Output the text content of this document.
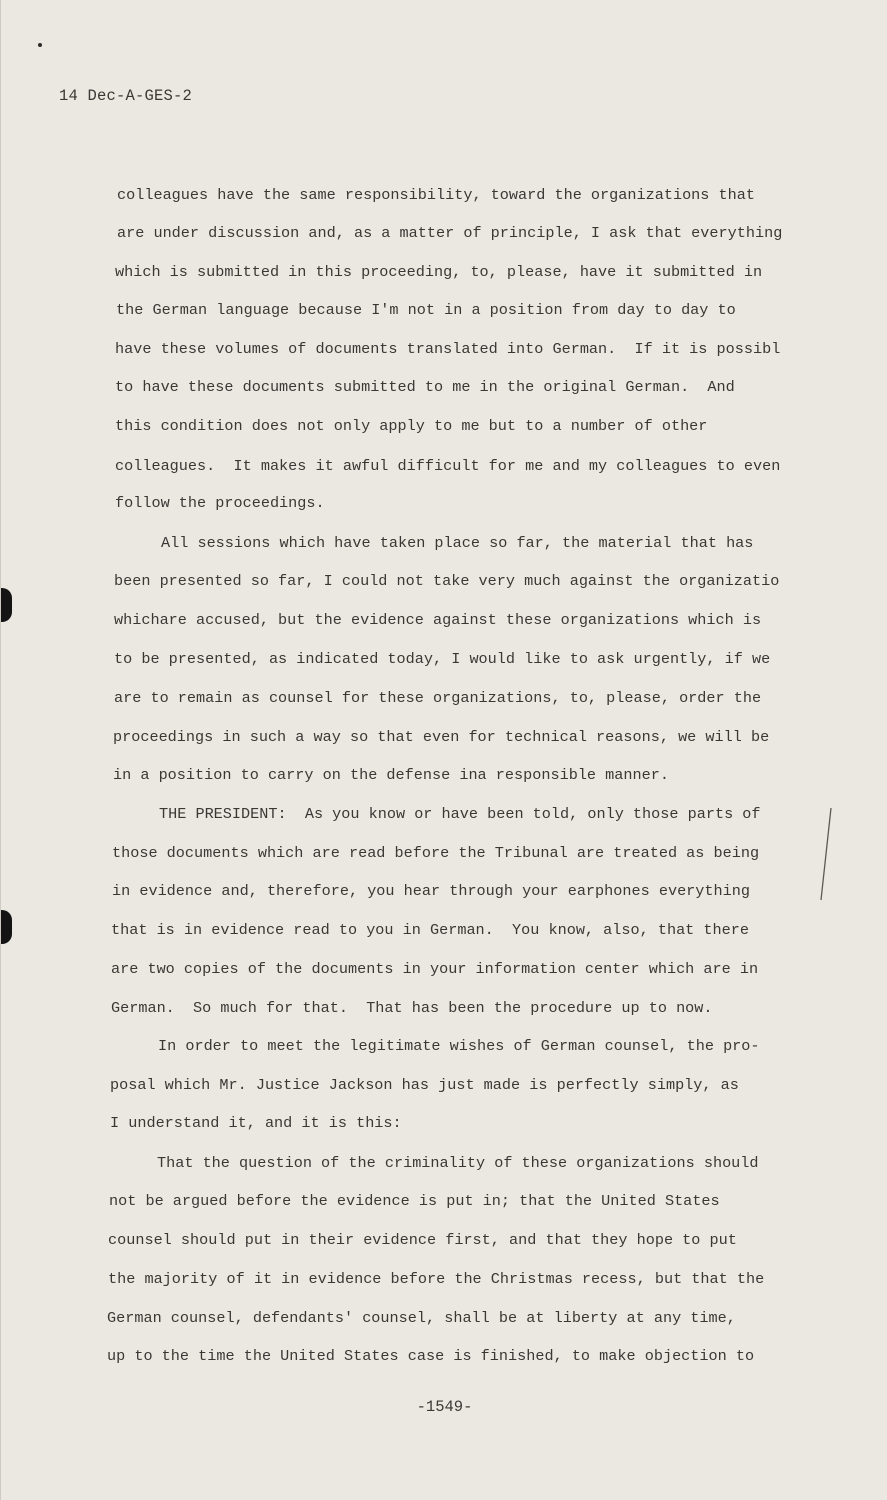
14 Dec-A-GES-2

colleagues have the same responsibility, toward the organizations that

are under discussion and, as a matter of principle, I ask that everything

which is submitted in this proceeding, to, please, have it submitted in

the German language because I'm not in a position from day to day to

have these volumes of documents translated into German.  If it is possibl

to have these documents submitted to me in the original German.  And

this condition does not only apply to me but to a number of other

colleagues.  It makes it awful difficult for me and my colleagues to even

follow the proceedings.

All sessions which have taken place so far, the material that has

been presented so far, I could not take very much against the organizatio

whichare accused, but the evidence against these organizations which is

to be presented, as indicated today, I would like to ask urgently, if we

are to remain as counsel for these organizations, to, please, order the

proceedings in such a way so that even for technical reasons, we will be

in a position to carry on the defense ina responsible manner.

THE PRESIDENT:  As you know or have been told, only those parts of

those documents which are read before the Tribunal are treated as being

in evidence and, therefore, you hear through your earphones everything

that is in evidence read to you in German.  You know, also, that there

are two copies of the documents in your information center which are in

German.  So much for that.  That has been the procedure up to now.

In order to meet the legitimate wishes of German counsel, the pro-

posal which Mr. Justice Jackson has just made is perfectly simply, as

I understand it, and it is this:

That the question of the criminality of these organizations should

not be argued before the evidence is put in; that the United States

counsel should put in their evidence first, and that they hope to put

the majority of it in evidence before the Christmas recess, but that the

German counsel, defendants' counsel, shall be at liberty at any time,

up to the time the United States case is finished, to make objection to

-1549-
